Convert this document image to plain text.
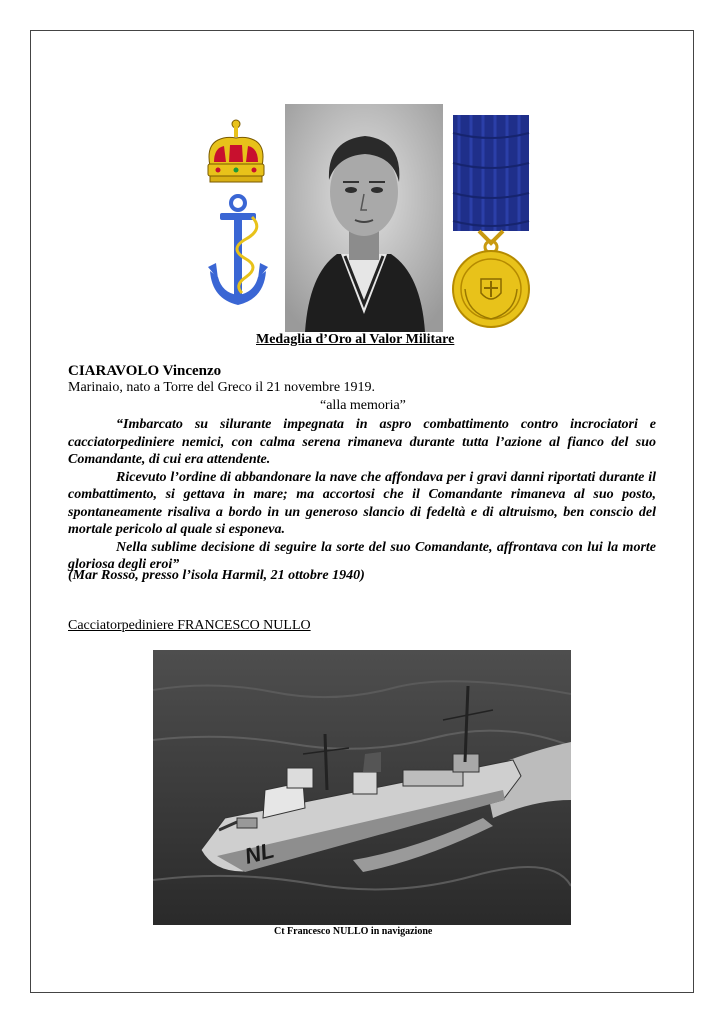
Medaglia d’Oro al Valor Militare
CIARAVOLO Vincenzo
Marinaio, nato a Torre del Greco il 21 novembre 1919.
“alla memoria”

“Imbarcato su silurante impegnata in aspro combattimento contro incrociatori e cacciatorpediniere nemici, con calma serena rimaneva durante tutta l’azione al fianco del suo Comandante, di cui era attendente.

Ricevuto l’ordine di abbandonare la nave che affondava per i gravi danni riportati durante il combattimento, si gettava in mare; ma accortosi che il Comandante rimaneva al suo posto, spontaneamente risaliva a bordo in un generoso slancio di fedeltà e di altruismo, ben conscio del mortale pericolo al quale si esponeva.

Nella sublime decisione di seguire la sorte del suo Comandante, affrontava con lui la morte gloriosa degli eroi”

(Mar Rosso, presso l’isola Harmil, 21 ottobre 1940)
Cacciatorpediniere FRANCESCO NULLO
NL
Ct Francesco NULLO in navigazione
